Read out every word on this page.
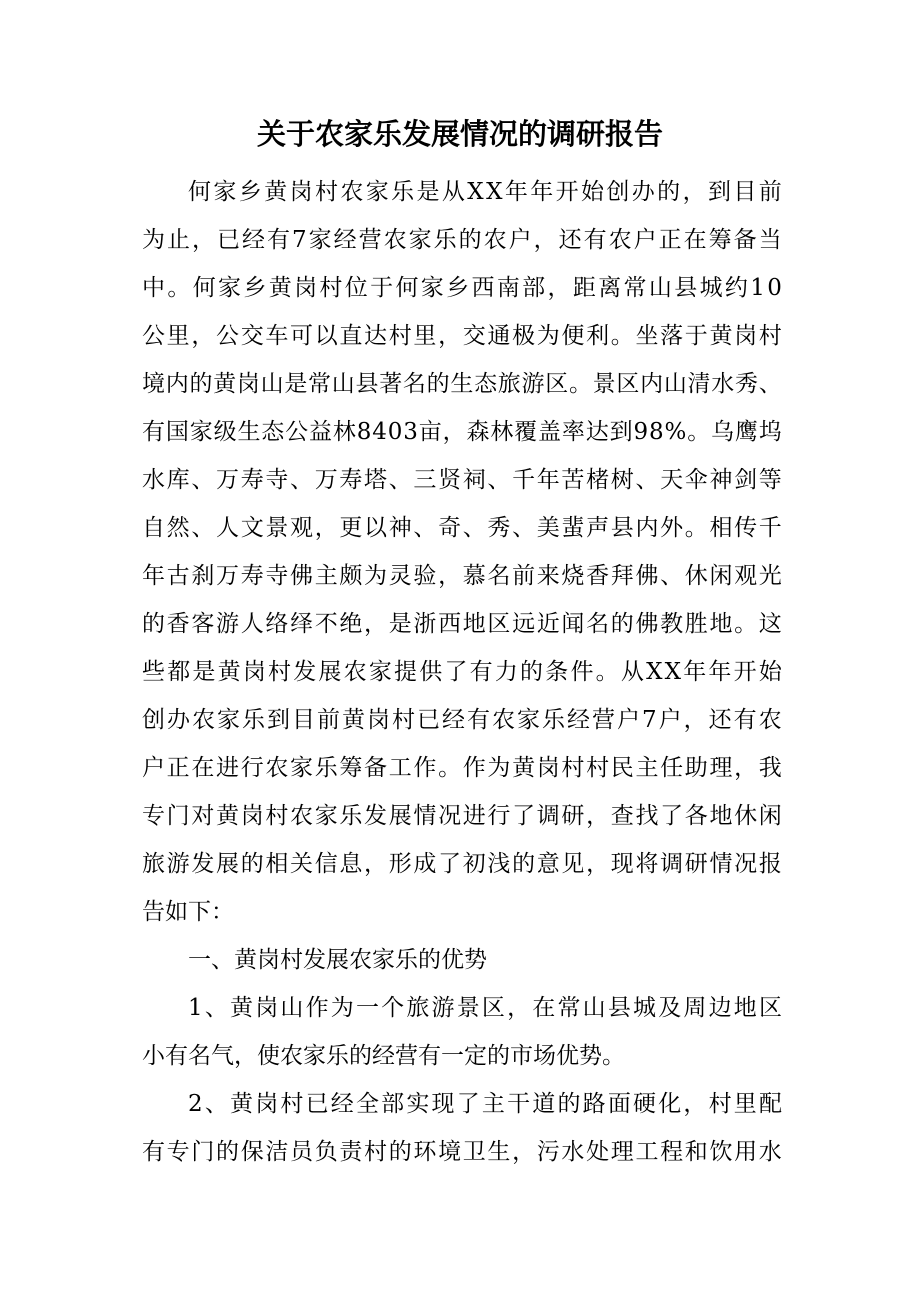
关于农家乐发展情况的调研报告
何 家 乡 黄 岗 村 农 家 乐 是 从 X X 年 年 开 始 创 办 的 ， 到 目 前
为 止 ， 已 经 有 7 家 经 营 农 家 乐 的 农 户 ， 还 有 农 户 正 在 筹 备 当
中 。 何 家 乡 黄 岗 村 位 于 何 家 乡 西 南 部 ， 距 离 常 山 县 城 约 1 0
公 里 ， 公 交 车 可 以 直 达 村 里 ， 交 通 极 为 便 利 。 坐 落 于 黄 岗 村
境 内 的 黄 岗 山 是 常 山 县 著 名 的 生 态 旅 游 区 。 景 区 内 山 清 水 秀 、
有 国 家 级 生 态 公 益 林 8 4 0 3 亩 ， 森 林 覆 盖 率 达 到 9 8 % 。 乌 鹰 坞
水 库 、 万 寿 寺 、 万 寿 塔 、 三 贤 祠 、 千 年 苦 楮 树 、 天 伞 神 剑 等
自 然 、 人 文 景 观 ， 更 以 神 、 奇 、 秀 、 美 蜚 声 县 内 外 。 相 传 千
年 古 刹 万 寿 寺 佛 主 颇 为 灵 验 ， 慕 名 前 来 烧 香 拜 佛 、 休 闲 观 光
的 香 客 游 人 络 绎 不 绝 ， 是 浙 西 地 区 远 近 闻 名 的 佛 教 胜 地 。 这
些 都 是 黄 岗 村 发 展 农 家 提 供 了 有 力 的 条 件 。 从 X X 年 年 开 始
创 办 农 家 乐 到 目 前 黄 岗 村 已 经 有 农 家 乐 经 营 户 7 户 ， 还 有 农
户 正 在 进 行 农 家 乐 筹 备 工 作 。 作 为 黄 岗 村 村 民 主 任 助 理 ， 我
专 门 对 黄 岗 村 农 家 乐 发 展 情 况 进 行 了 调 研 ， 查 找 了 各 地 休 闲
旅 游 发 展 的 相 关 信 息 ， 形 成 了 初 浅 的 意 见 ， 现 将 调 研 情 况 报
告如下：
一、黄岗村发展农家乐的优势
1 、 黄 岗 山 作 为 一 个 旅 游 景 区 ， 在 常 山 县 城 及 周 边 地 区
小有名气，使农家乐的经营有一定的市场优势。
2 、 黄 岗 村 已 经 全 部 实 现 了 主 干 道 的 路 面 硬 化 ， 村 里 配
有 专 门 的 保 洁 员 负 责 村 的 环 境 卫 生 ， 污 水 处 理 工 程 和 饮 用 水
